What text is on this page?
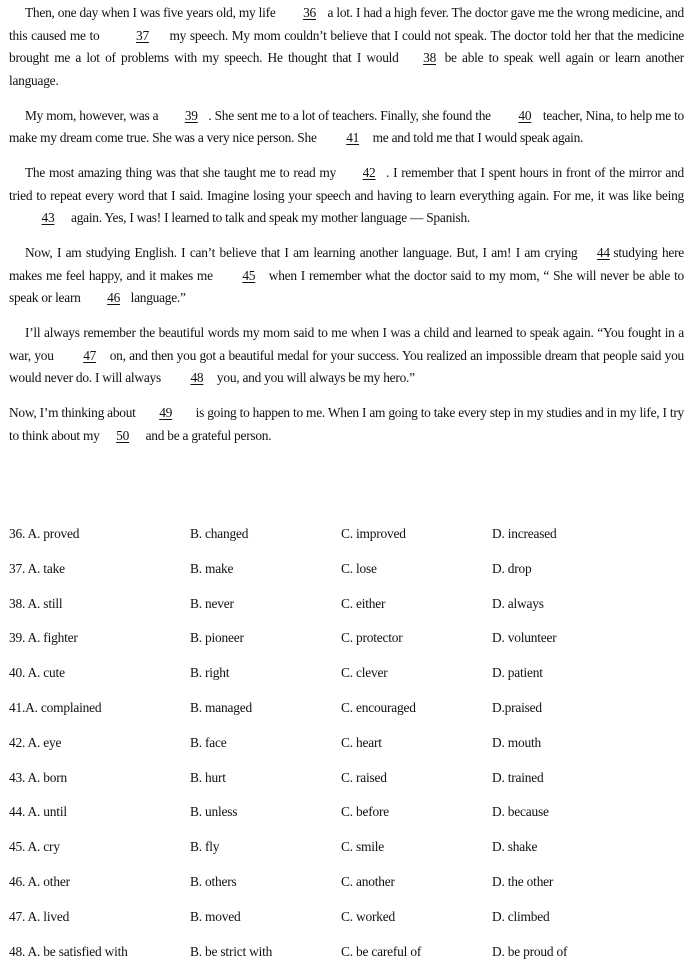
Then, one day when I was five years old, my life 36 a lot. I had a high fever. The doctor gave me the wrong medicine, and this caused me to	37 my speech. My mom couldn’t believe that I could not speak. The doctor told her that the medicine brought me a lot of problems with my speech. He thought that I would 38 be able to speak well again or learn another language.

My mom, however, was a 39 . She sent me to a lot of teachers. Finally, she found the 40 teacher, Nina, to help me to make my dream come true. She was a very nice person. She 41 me and told me that I would speak again.

The most amazing thing was that she taught me to read my 42 . I remember that I spent hours in front of the mirror and tried to repeat every word that I said. Imagine losing your speech and having to learn everything again. For me, it was like being43 again. Yes, I was! I learned to talk and speak my mother language — Spanish.

Now, I am studying English. I can’t believe that I am learning another language. But, I am! I am crying 44 studying here makes me feel happy, and it makes me 45 when I remember what the doctor said to my mom, “ She will never be able to speak or learn 46 language.”

I’ll always remember the beautiful words my mom said to me when I was a child and learned to speak again. “You fought in a war, you 47 on, and then you got a beautiful medal for your success. You realized an impossible dream that people said you would never do. I will always 48 you, and you will always be my hero.”

Now, I’m thinking about 49 is going to happen to me. When I am going to take every step in my studies and in my life, I try to think about my 50 and be a grateful person.

36. A. proved	B. changed	C. improved	D. increased
37. A. take	B. make	C. lose	D. drop
38. A. still	B. never	C. either	D. always
39. A. fighter	B. pioneer	C. protector	D. volunteer
40. A. cute	B. right	C. clever	D. patient
41.A. complained	B. managed	C. encouraged	D.praised
42. A. eye	B. face	C. heart	D. mouth
43. A. born	B. hurt	C. raised	D. trained
44. A. until	B. unless	C. before	D. because
45. A. cry	B. fly	C. smile	D. shake
46. A. other	B. others	C. another	D. the other
47. A. lived	B. moved	C. worked	D. climbed
48. A. be satisfied with	B. be strict with	C. be careful of	D. be proud of
